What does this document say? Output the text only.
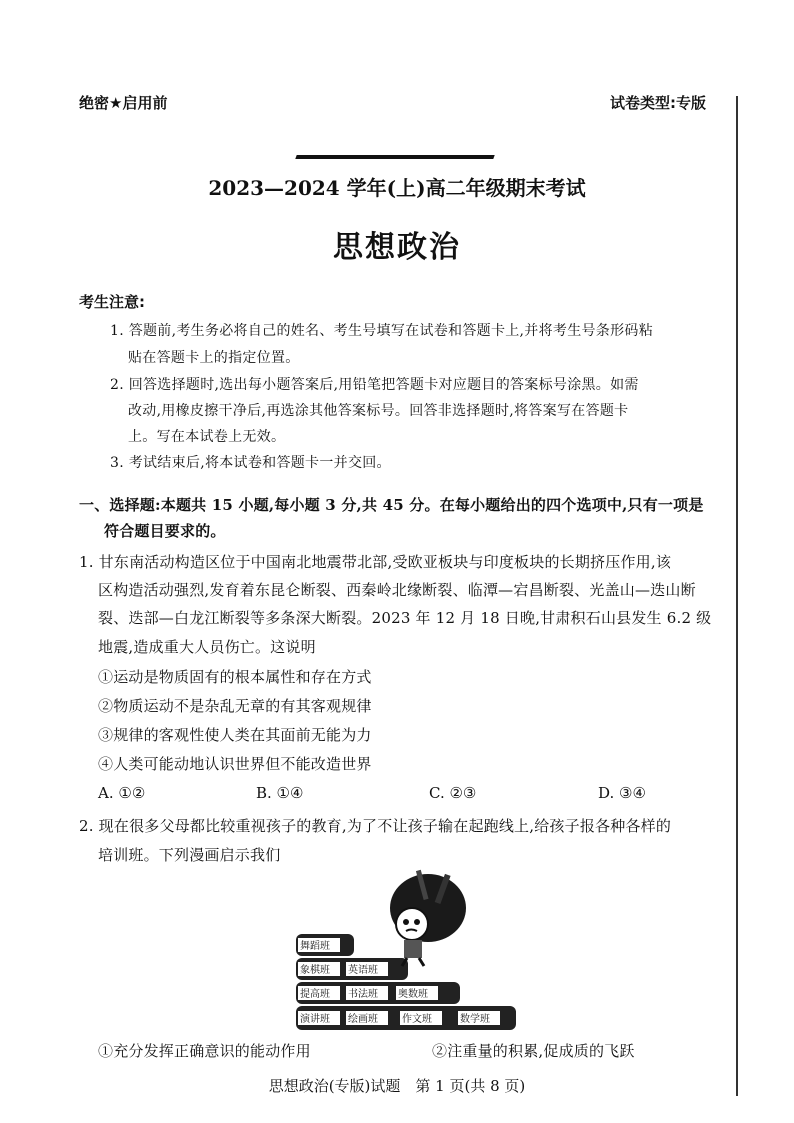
绝密★启用前	试卷类型:专版
2023—2024 学年(上)高二年级期末考试
思想政治
考生注意:
1. 答题前,考生务必将自己的姓名、考生号填写在试卷和答题卡上,并将考生号条形码粘
贴在答题卡上的指定位置。
2. 回答选择题时,选出每小题答案后,用铅笔把答题卡对应题目的答案标号涂黑。如需
改动,用橡皮擦干净后,再选涂其他答案标号。回答非选择题时,将答案写在答题卡
上。写在本试卷上无效。
3. 考试结束后,将本试卷和答题卡一并交回。
一、选择题:本题共 15 小题,每小题 3 分,共 45 分。在每小题给出的四个选项中,只有一项是
符合题目要求的。
1. 甘东南活动构造区位于中国南北地震带北部,受欧亚板块与印度板块的长期挤压作用,该
区构造活动强烈,发育着东昆仑断裂、西秦岭北缘断裂、临潭—宕昌断裂、光盖山—迭山断
裂、迭部—白龙江断裂等多条深大断裂。2023 年 12 月 18 日晚,甘肃积石山县发生 6.2 级
地震,造成重大人员伤亡。这说明
①运动是物质固有的根本属性和存在方式
②物质运动不是杂乱无章的有其客观规律
③规律的客观性使人类在其面前无能为力
④人类可能动地认识世界但不能改造世界
A. ①②	B. ①④	C. ②③	D. ③④
2. 现在很多父母都比较重视孩子的教育,为了不让孩子输在起跑线上,给孩子报各种各样的
培训班。下列漫画启示我们
舞蹈班
象棋班 英语班
提高班 书法班 奥数班
演讲班 绘画班 作文班	数学班
①充分发挥正确意识的能动作用	②注重量的积累,促成质的飞跃
思想政治(专版)试题　第 1 页(共 8 页)
